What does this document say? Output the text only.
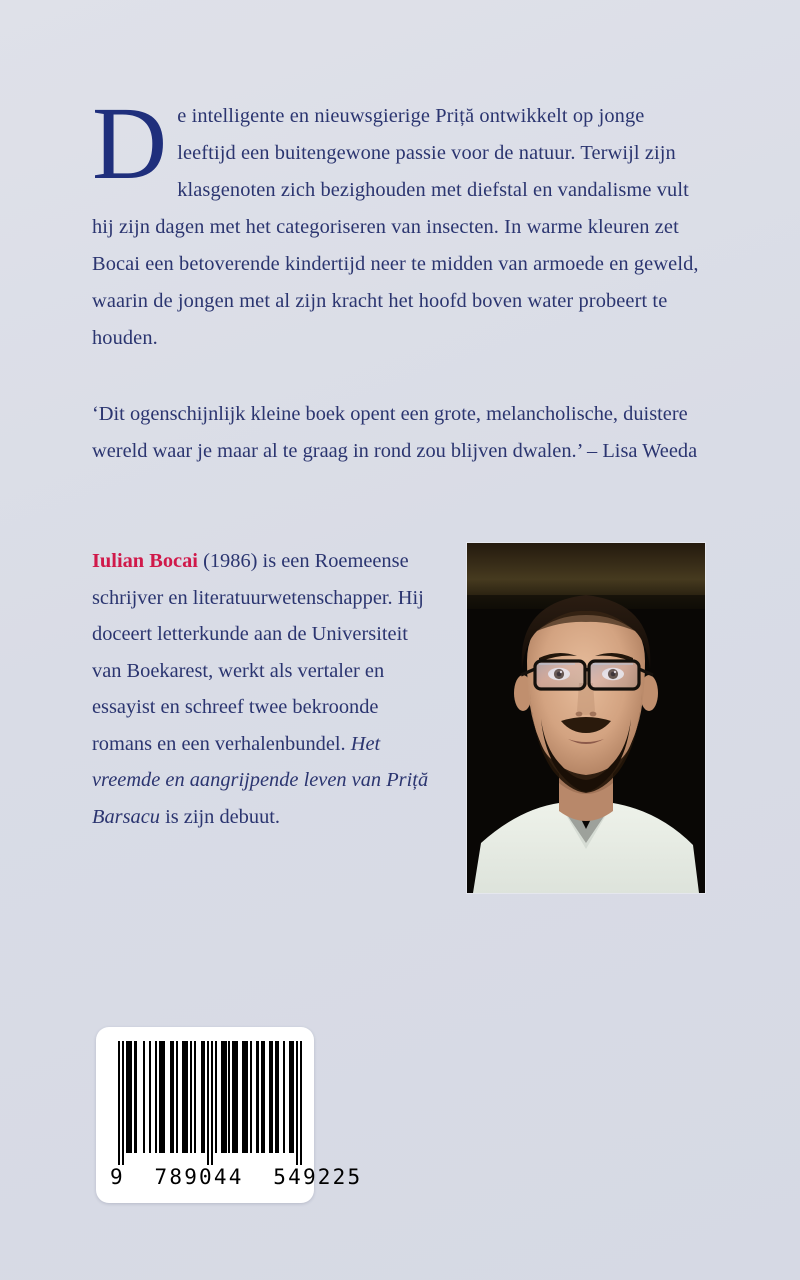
De intelligente en nieuwsgierige Priță ontwikkelt op jonge leeftijd een buitengewone passie voor de natuur. Terwijl zijn klasgenoten zich bezighouden met diefstal en vandalisme vult hij zijn dagen met het categoriseren van insecten. In warme kleuren zet Bocai een betoverende kindertijd neer te midden van armoede en geweld, waarin de jongen met al zijn kracht het hoofd boven water probeert te houden.
‘Dit ogenschijnlijk kleine boek opent een grote, melancholische, duistere wereld waar je maar al te graag in rond zou blijven dwalen.’ – Lisa Weeda
Iulian Bocai (1986) is een Roemeense schrijver en literatuurwetenschapper. Hij doceert letterkunde aan de Universiteit van Boekarest, werkt als vertaler en essayist en schreef twee bekroonde romans en een verhalenbundel. Het vreemde en aangrijpende leven van Priță Barsacu is zijn debuut.
9  789044  549225
